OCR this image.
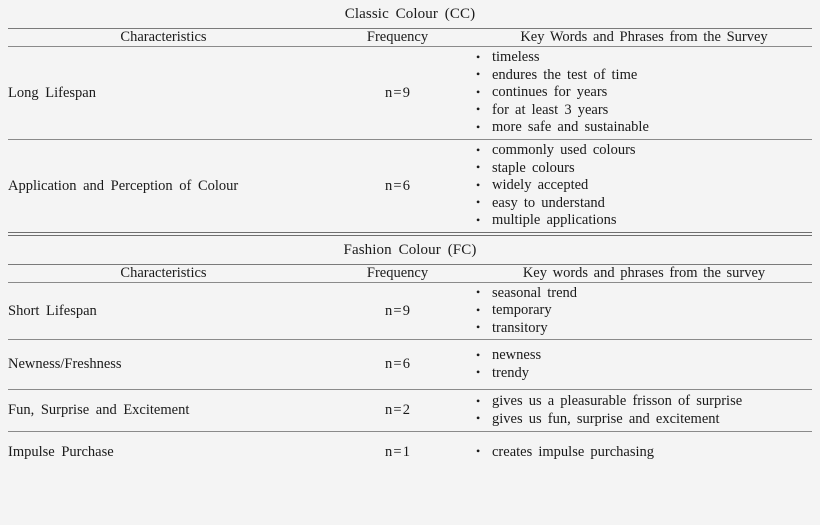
Classic Colour (CC)
Characteristics	Frequency	Key Words and Phrases from the Survey
Long Lifespan	n = 9	
• timeless
• endures the test of time
• continues for years
• for at least 3 years
• more safe and sustainable
Application and Perception of Colour	n = 6	
• commonly used colours
• staple colours
• widely accepted
• easy to understand
• multiple applications
Fashion Colour (FC)
Characteristics	Frequency	Key words and phrases from the survey
Short Lifespan	n = 9	
• seasonal trend
• temporary
• transitory
Newness/Freshness	n = 6	
• newness
• trendy
Fun, Surprise and Excitement	n = 2	
• gives us a pleasurable frisson of surprise
• gives us fun, surprise and excitement
Impulse Purchase	n = 1	
•creates impulse purchasing
